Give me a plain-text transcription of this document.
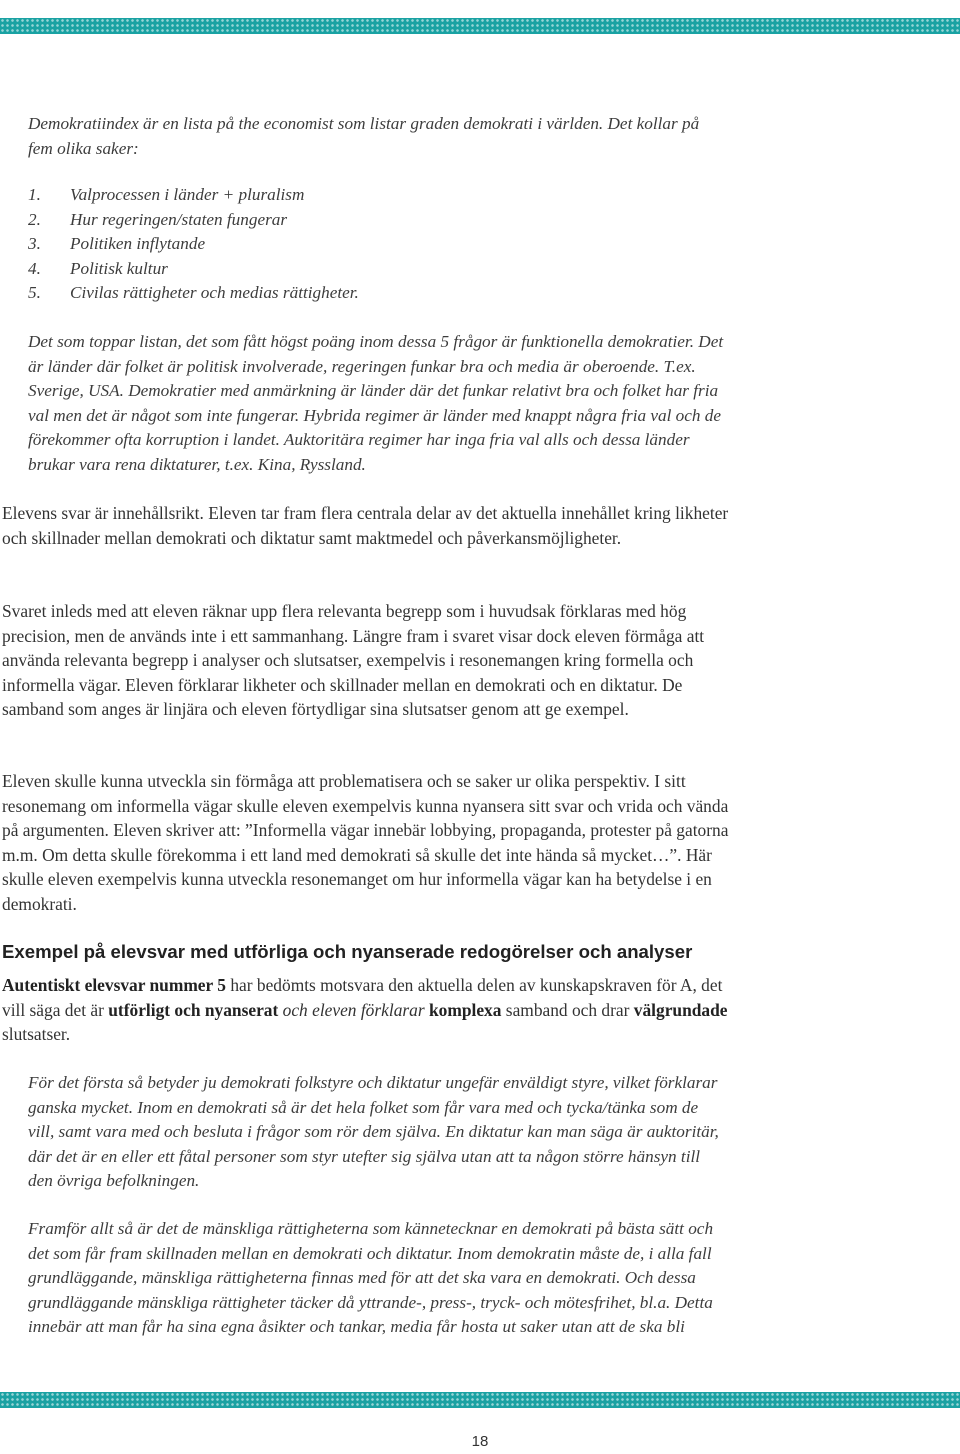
Demokratiindex är en lista på the economist som listar graden demokrati i världen. Det kollar på fem olika saker:

1.	Valprocessen i länder + pluralism
2.	Hur regeringen/staten fungerar
3.	Politiken inflytande
4.	Politisk kultur
5.	Civilas rättigheter och medias rättigheter.

Det som toppar listan, det som fått högst poäng inom dessa 5 frågor är funktionella demokratier. Det är länder där folket är politisk involverade, regeringen funkar bra och media är oberoende. T.ex. Sverige, USA. Demokratier med anmärkning är länder där det funkar relativt bra och folket har fria val men det är något som inte fungerar. Hybrida regimer är länder med knappt några fria val och de förekommer ofta korruption i landet. Auktoritära regimer har inga fria val alls och dessa länder brukar vara rena diktaturer, t.ex. Kina, Ryssland.

Elevens svar är innehållsrikt. Eleven tar fram flera centrala delar av det aktuella innehållet kring likheter och skillnader mellan demokrati och diktatur samt maktmedel och påverkansmöjligheter.

Svaret inleds med att eleven räknar upp flera relevanta begrepp som i huvudsak förklaras med hög precision, men de används inte i ett sammanhang. Längre fram i svaret visar dock eleven förmåga att använda relevanta begrepp i analyser och slutsatser, exempelvis i resonemangen kring formella och informella vägar. Eleven förklarar likheter och skillnader mellan en demokrati och en diktatur. De samband som anges är linjära och eleven förtydligar sina slutsatser genom att ge exempel.

Eleven skulle kunna utveckla sin förmåga att problematisera och se saker ur olika perspektiv. I sitt resonemang om informella vägar skulle eleven exempelvis kunna nyansera sitt svar och vrida och vända på argumenten. Eleven skriver att: ”Informella vägar innebär lobbying, propaganda, protester på gatorna m.m. Om detta skulle förekomma i ett land med demokrati så skulle det inte hända så mycket…”. Här skulle eleven exempelvis kunna utveckla resonemanget om hur informella vägar kan ha betydelse i en demokrati.

Exempel på elevsvar med utförliga och nyanserade redogörelser och analyser

Autentiskt elevsvar nummer 5 har bedömts motsvara den aktuella delen av kunskapskraven för A, det vill säga det är utförligt och nyanserat och eleven förklarar komplexa samband och drar välgrundade slutsatser.

För det första så betyder ju demokrati folkstyre och diktatur ungefär enväldigt styre, vilket förklarar ganska mycket. Inom en demokrati så är det hela folket som får vara med och tycka/tänka som de vill, samt vara med och besluta i frågor som rör dem själva. En diktatur kan man säga är auktoritär, där det är en eller ett fåtal personer som styr utefter sig själva utan att ta någon större hänsyn till den övriga befolkningen.

Framför allt så är det de mänskliga rättigheterna som kännetecknar en demokrati på bästa sätt och det som får fram skillnaden mellan en demokrati och diktatur. Inom demokratin måste de, i alla fall grundläggande, mänskliga rättigheterna finnas med för att det ska vara en demokrati. Och dessa grundläggande mänskliga rättigheter täcker då yttrande-, press-, tryck- och mötesfrihet, bl.a. Detta innebär att man får ha sina egna åsikter och tankar, media får hosta ut saker utan att de ska bli

18
